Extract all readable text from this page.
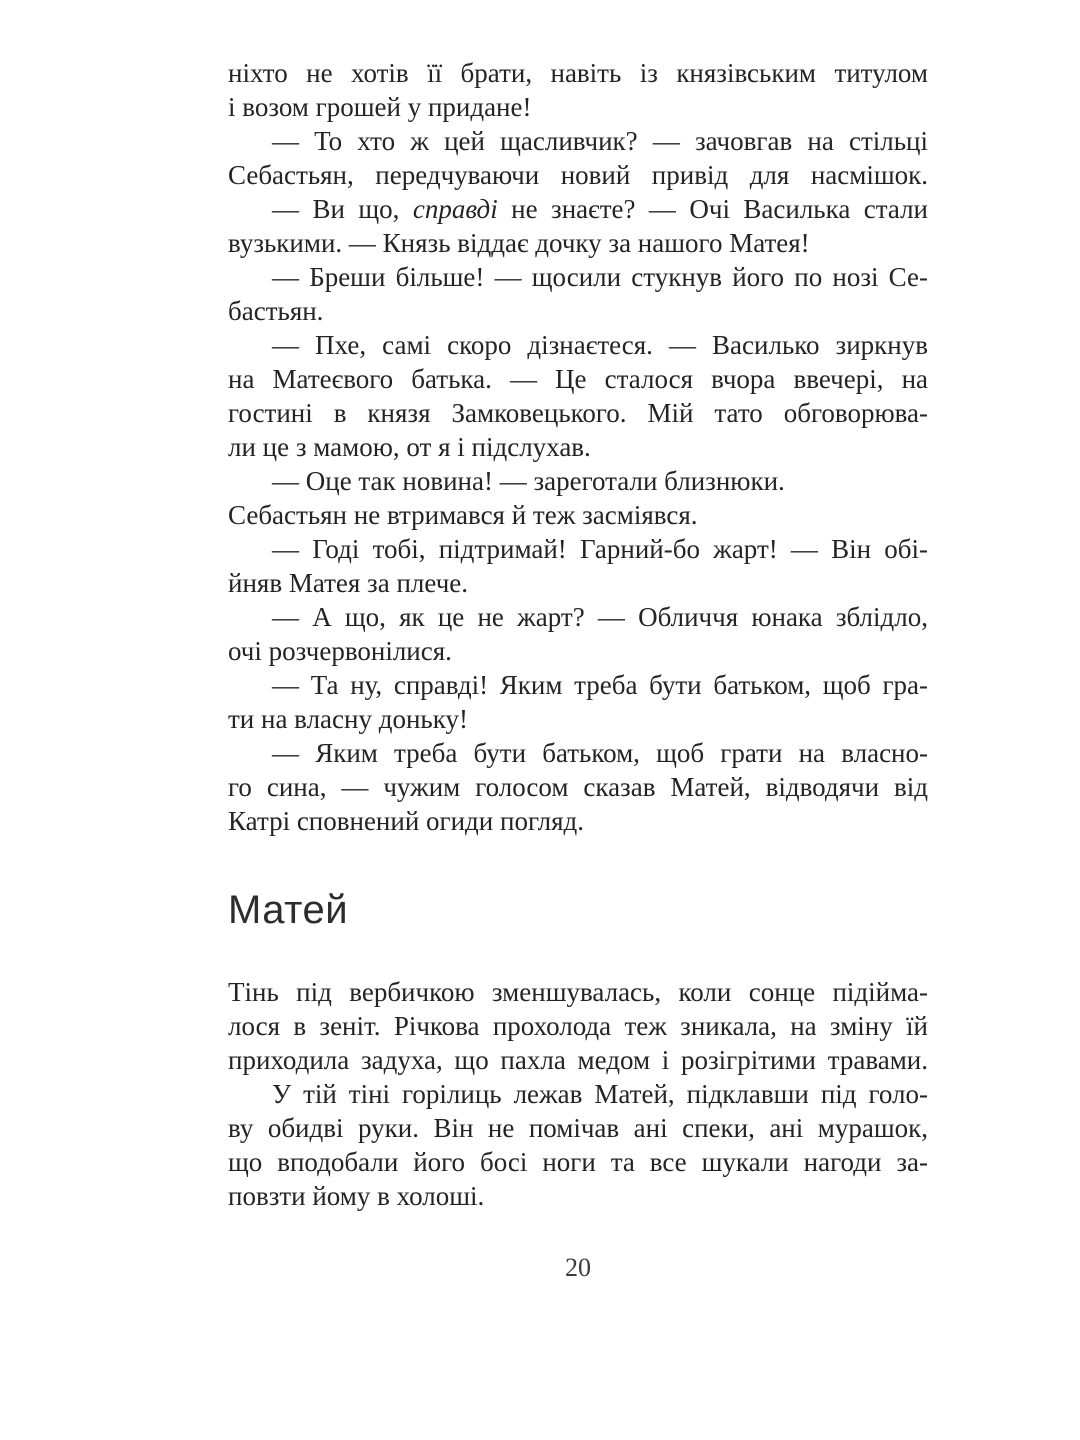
ніхто не хотів її брати, навіть із князівським титулом
і возом грошей у придане!
— То хто ж цей щасливчик? — зачовгав на стільці
Себастьян, передчуваючи новий привід для насмішок.
— Ви що, справді не знаєте? — Очі Василька стали
вузькими. — Князь віддає дочку за нашого Матея!
— Бреши більше! — щосили стукнув його по нозі Се-
бастьян.
— Пхе, самі скоро дізнаєтеся. — Василько зиркнув
на Матеєвого батька. — Це сталося вчора ввечері, на
гостині в князя Замковецького. Мій тато обговорюва-
ли це з мамою, от я і підслухав.
— Оце так новина! — зареготали близнюки.
Себастьян не втримався й теж засміявся.
— Годі тобі, підтримай! Гарний-бо жарт! — Він обі-
йняв Матея за плече.
— А що, як це не жарт? — Обличчя юнака зблідло,
очі розчервонілися.
— Та ну, справді! Яким треба бути батьком, щоб гра-
ти на власну доньку!
— Яким треба бути батьком, щоб грати на власно-
го сина, — чужим голосом сказав Матей, відводячи від
Катрі сповнений огиди погляд.
Матей
Тінь під вербичкою зменшувалась, коли сонце підійма-
лося в зеніт. Річкова прохолода теж зникала, на зміну їй
приходила задуха, що пахла медом і розігрітими травами.
У тій тіні горілиць лежав Матей, підклавши під голо-
ву обидві руки. Він не помічав ані спеки, ані мурашок,
що вподобали його босі ноги та все шукали нагоди за-
повзти йому в холоші.
20
